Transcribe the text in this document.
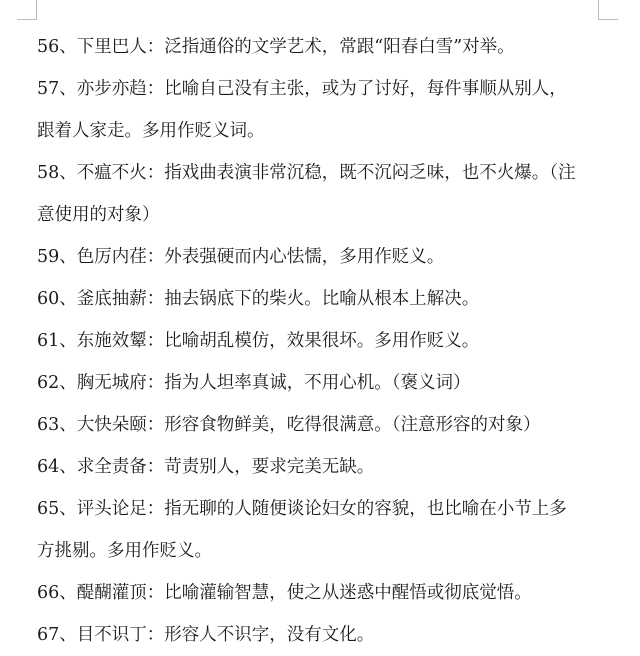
56、下里巴人：泛指通俗的文学艺术，常跟“阳春白雪”对举。
57、亦步亦趋：比喻自己没有主张，或为了讨好，每件事顺从别人，
跟着人家走。多用作贬义词。
58、不瘟不火：指戏曲表演非常沉稳，既不沉闷乏味，也不火爆。（注
意使用的对象）
59、色厉内荏：外表强硬而内心怯懦，多用作贬义。
60、釜底抽薪：抽去锅底下的柴火。比喻从根本上解决。
61、东施效颦：比喻胡乱模仿，效果很坏。多用作贬义。
62、胸无城府：指为人坦率真诚，不用心机。（褒义词）
63、大快朵颐：形容食物鲜美，吃得很满意。（注意形容的对象）
64、求全责备：苛责别人，要求完美无缺。
65、评头论足：指无聊的人随便谈论妇女的容貌，也比喻在小节上多
方挑剔。多用作贬义。
66、醍醐灌顶：比喻灌输智慧，使之从迷惑中醒悟或彻底觉悟。
67、目不识丁：形容人不识字，没有文化。
